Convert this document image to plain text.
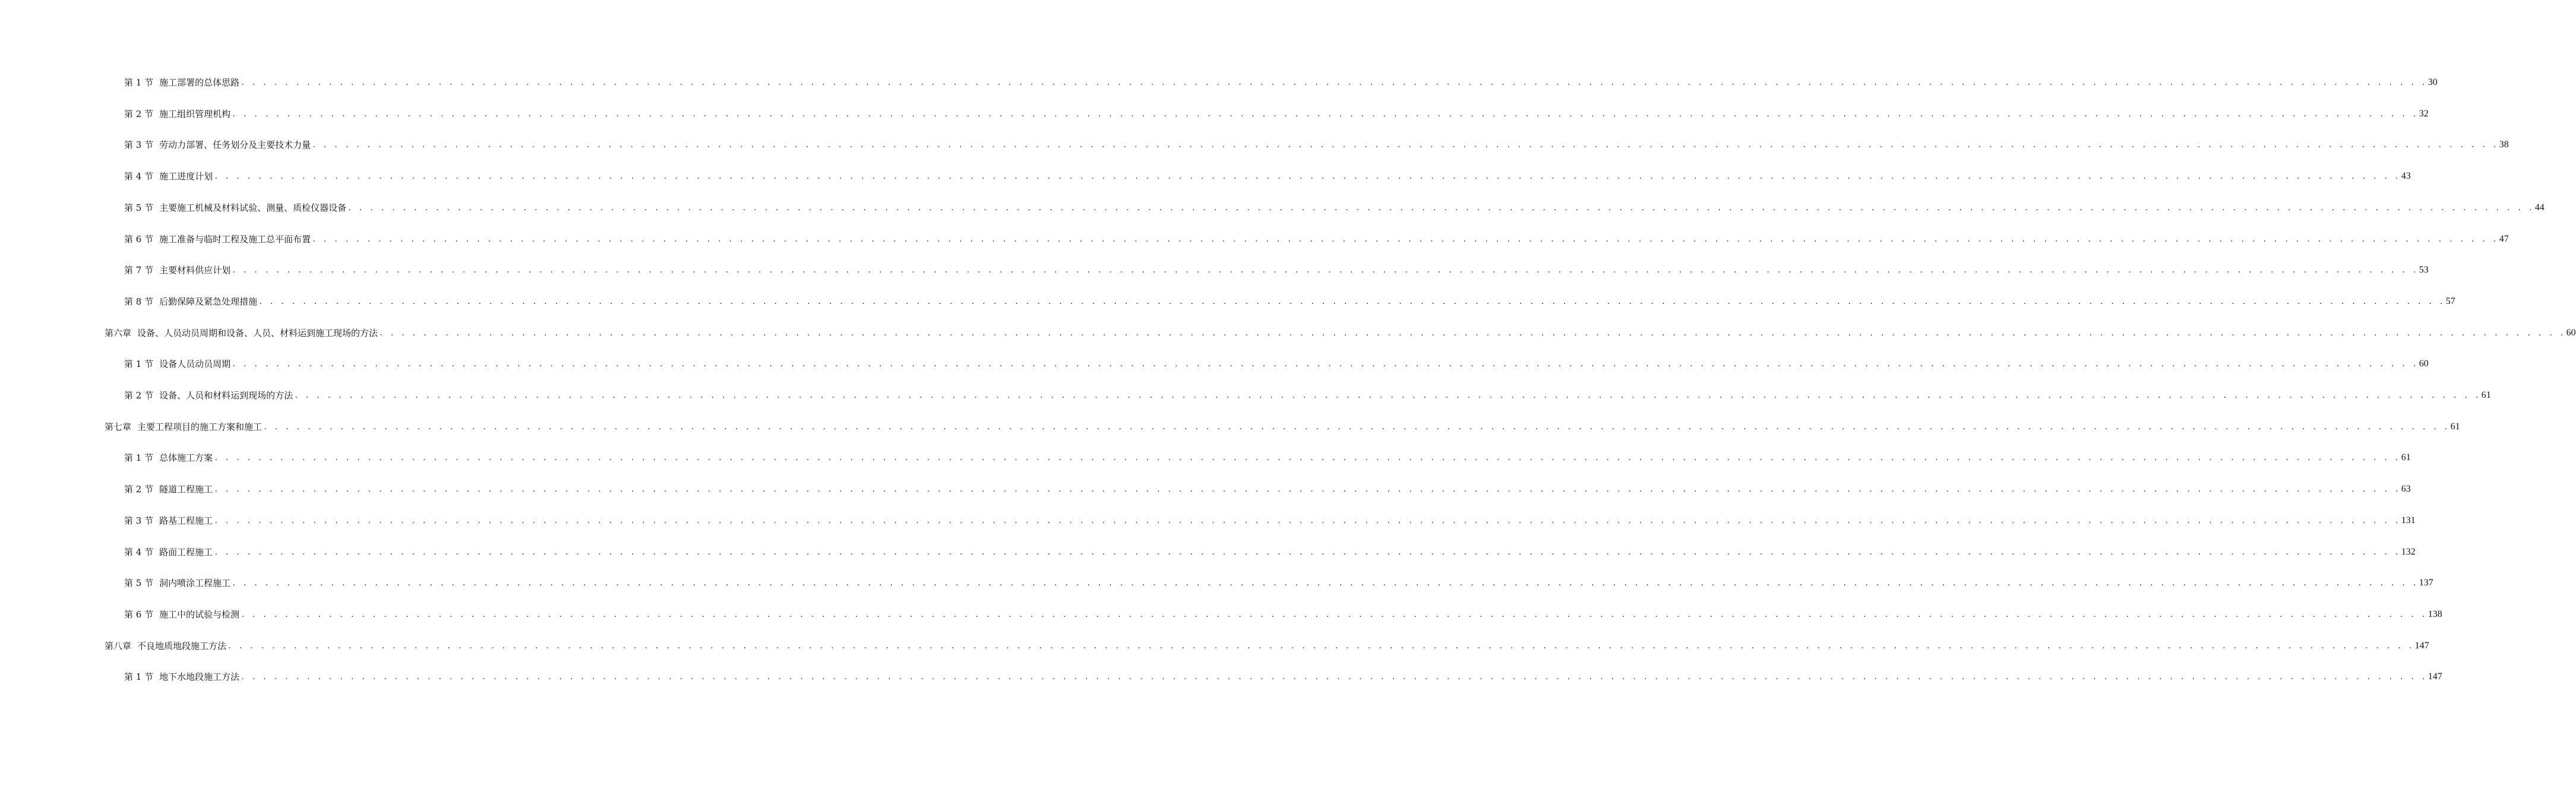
第 1 节 施工部署的总体思路 . . . . . . . . . . . . . . . . . . . . . . . . . . . . . . . . . . . . . . . . . . . . . . . . . . . . . . . . . . . . . . . . . . . . . . . . . . . . . . . . . . . . . . . . . . . . . . . . . . . . . . . . . . . . . . . . . . . . . . . . . . . . . . . . . . . . . . . . . . . . . . . . . . . . . . . . . . . . . . . . . . . . . . . . . . . . . . . . . . . . . . . . . . . . . . . . . . . . . . . . 30
第 2 节 施工组织管理机构 . . . . . . . . . . . . . . . . . . . . . . . . . . . . . . . . . . . . . . . . . . . . . . . . . . . . . . . . . . . . . . . . . . . . . . . . . . . . . . . . . . . . . . . . . . . . . . . . . . . . . . . . . . . . . . . . . . . . . . . . . . . . . . . . . . . . . . . . . . . . . . . . . . . . . . . . . . . . . . . . . . . . . . . . . . . . . . . . . . . . . . . . . . . . . . . . . . . . . . . . 32
第 3 节 劳动力部署、任务划分及主要技术力量 . . . . . . . . . . . . . . . . . . . . . . . . . . . . . . . . . . . . . . . . . . . . . . . . . . . . . . . . . . . . . . . . . . . . . . . . . . . . . . . . . . . . . . . . . . . . . . . . . . . . . . . . . . . . . . . . . . . . . . . . . . . . . . . . . . . . . . . . . . . . . . . . . . . . . . . . . . . . . . . . . . . . . . . . . . . . . . . . . . . . . . . . . . . . . . . . . . . . . . . . 38
第 4 节 施工进度计划 . . . . . . . . . . . . . . . . . . . . . . . . . . . . . . . . . . . . . . . . . . . . . . . . . . . . . . . . . . . . . . . . . . . . . . . . . . . . . . . . . . . . . . . . . . . . . . . . . . . . . . . . . . . . . . . . . . . . . . . . . . . . . . . . . . . . . . . . . . . . . . . . . . . . . . . . . . . . . . . . . . . . . . . . . . . . . . . . . . . . . . . . . . . . . . . . . . . . . . . . 43
第 5 节 主要施工机械及材料试验、测量、质检仪器设备 . . . . . . . . . . . . . . . . . . . . . . . . . . . . . . . . . . . . . . . . . . . . . . . . . . . . . . . . . . . . . . . . . . . . . . . . . . . . . . . . . . . . . . . . . . . . . . . . . . . . . . . . . . . . . . . . . . . . . . . . . . . . . . . . . . . . . . . . . . . . . . . . . . . . . . . . . . . . . . . . . . . . . . . . . . . . . . . . . . . . . . . . . . . . . . . . . . . . . . . . 44
第 6 节 施工准备与临时工程及施工总平面布置 . . . . . . . . . . . . . . . . . . . . . . . . . . . . . . . . . . . . . . . . . . . . . . . . . . . . . . . . . . . . . . . . . . . . . . . . . . . . . . . . . . . . . . . . . . . . . . . . . . . . . . . . . . . . . . . . . . . . . . . . . . . . . . . . . . . . . . . . . . . . . . . . . . . . . . . . . . . . . . . . . . . . . . . . . . . . . . . . . . . . . . . . . . . . . . . . . . . . . . . . 47
第 7 节 主要材料供应计划 . . . . . . . . . . . . . . . . . . . . . . . . . . . . . . . . . . . . . . . . . . . . . . . . . . . . . . . . . . . . . . . . . . . . . . . . . . . . . . . . . . . . . . . . . . . . . . . . . . . . . . . . . . . . . . . . . . . . . . . . . . . . . . . . . . . . . . . . . . . . . . . . . . . . . . . . . . . . . . . . . . . . . . . . . . . . . . . . . . . . . . . . . . . . . . . . . . . . . . . . 53
第 8 节 后勤保障及紧急处理措施 . . . . . . . . . . . . . . . . . . . . . . . . . . . . . . . . . . . . . . . . . . . . . . . . . . . . . . . . . . . . . . . . . . . . . . . . . . . . . . . . . . . . . . . . . . . . . . . . . . . . . . . . . . . . . . . . . . . . . . . . . . . . . . . . . . . . . . . . . . . . . . . . . . . . . . . . . . . . . . . . . . . . . . . . . . . . . . . . . . . . . . . . . . . . . . . . . . . . . . . . 57
第六章 设备、人员动员周期和设备、人员、材料运到施工现场的方法 . . . . . . . . . . . . . . . . . . . . . . . . . . . . . . . . . . . . . . . . . . . . . . . . . . . . . . . . . . . . . . . . . . . . . . . . . . . . . . . . . . . . . . . . . . . . . . . . . . . . . . . . . . . . . . . . . . . . . . . . . . . . . . . . . . . . . . . . . . . . . . . . . . . . . . . . . . . . . . . . . . . . . . . . . . . . . . . . . . . . . . . . . . . . . . . . . . . . . . . . 60
第 1 节 设备人员动员周期 . . . . . . . . . . . . . . . . . . . . . . . . . . . . . . . . . . . . . . . . . . . . . . . . . . . . . . . . . . . . . . . . . . . . . . . . . . . . . . . . . . . . . . . . . . . . . . . . . . . . . . . . . . . . . . . . . . . . . . . . . . . . . . . . . . . . . . . . . . . . . . . . . . . . . . . . . . . . . . . . . . . . . . . . . . . . . . . . . . . . . . . . . . . . . . . . . . . . . . . . 60
第 2 节 设备、人员和材料运到现场的方法 . . . . . . . . . . . . . . . . . . . . . . . . . . . . . . . . . . . . . . . . . . . . . . . . . . . . . . . . . . . . . . . . . . . . . . . . . . . . . . . . . . . . . . . . . . . . . . . . . . . . . . . . . . . . . . . . . . . . . . . . . . . . . . . . . . . . . . . . . . . . . . . . . . . . . . . . . . . . . . . . . . . . . . . . . . . . . . . . . . . . . . . . . . . . . . . . . . . . . . . . 61
第七章 主要工程项目的施工方案和施工 . . . . . . . . . . . . . . . . . . . . . . . . . . . . . . . . . . . . . . . . . . . . . . . . . . . . . . . . . . . . . . . . . . . . . . . . . . . . . . . . . . . . . . . . . . . . . . . . . . . . . . . . . . . . . . . . . . . . . . . . . . . . . . . . . . . . . . . . . . . . . . . . . . . . . . . . . . . . . . . . . . . . . . . . . . . . . . . . . . . . . . . . . . . . . . . . . . . . . . . . 61
第 1 节 总体施工方案 . . . . . . . . . . . . . . . . . . . . . . . . . . . . . . . . . . . . . . . . . . . . . . . . . . . . . . . . . . . . . . . . . . . . . . . . . . . . . . . . . . . . . . . . . . . . . . . . . . . . . . . . . . . . . . . . . . . . . . . . . . . . . . . . . . . . . . . . . . . . . . . . . . . . . . . . . . . . . . . . . . . . . . . . . . . . . . . . . . . . . . . . . . . . . . . . . . . . . . . . 61
第 2 节 隧道工程施工 . . . . . . . . . . . . . . . . . . . . . . . . . . . . . . . . . . . . . . . . . . . . . . . . . . . . . . . . . . . . . . . . . . . . . . . . . . . . . . . . . . . . . . . . . . . . . . . . . . . . . . . . . . . . . . . . . . . . . . . . . . . . . . . . . . . . . . . . . . . . . . . . . . . . . . . . . . . . . . . . . . . . . . . . . . . . . . . . . . . . . . . . . . . . . . . . . . . . . . . . 63
第 3 节 路基工程施工 . . . . . . . . . . . . . . . . . . . . . . . . . . . . . . . . . . . . . . . . . . . . . . . . . . . . . . . . . . . . . . . . . . . . . . . . . . . . . . . . . . . . . . . . . . . . . . . . . . . . . . . . . . . . . . . . . . . . . . . . . . . . . . . . . . . . . . . . . . . . . . . . . . . . . . . . . . . . . . . . . . . . . . . . . . . . . . . . . . . . . . . . . . . . . . . . . . . . . . . . 131
第 4 节 路面工程施工 . . . . . . . . . . . . . . . . . . . . . . . . . . . . . . . . . . . . . . . . . . . . . . . . . . . . . . . . . . . . . . . . . . . . . . . . . . . . . . . . . . . . . . . . . . . . . . . . . . . . . . . . . . . . . . . . . . . . . . . . . . . . . . . . . . . . . . . . . . . . . . . . . . . . . . . . . . . . . . . . . . . . . . . . . . . . . . . . . . . . . . . . . . . . . . . . . . . . . . . . 132
第 5 节 洞内喷涂工程施工 . . . . . . . . . . . . . . . . . . . . . . . . . . . . . . . . . . . . . . . . . . . . . . . . . . . . . . . . . . . . . . . . . . . . . . . . . . . . . . . . . . . . . . . . . . . . . . . . . . . . . . . . . . . . . . . . . . . . . . . . . . . . . . . . . . . . . . . . . . . . . . . . . . . . . . . . . . . . . . . . . . . . . . . . . . . . . . . . . . . . . . . . . . . . . . . . . . . . . . . . 137
第 6 节 施工中的试验与检测 . . . . . . . . . . . . . . . . . . . . . . . . . . . . . . . . . . . . . . . . . . . . . . . . . . . . . . . . . . . . . . . . . . . . . . . . . . . . . . . . . . . . . . . . . . . . . . . . . . . . . . . . . . . . . . . . . . . . . . . . . . . . . . . . . . . . . . . . . . . . . . . . . . . . . . . . . . . . . . . . . . . . . . . . . . . . . . . . . . . . . . . . . . . . . . . . . . . . . . . . 138
第八章 不良地质地段施工方法 . . . . . . . . . . . . . . . . . . . . . . . . . . . . . . . . . . . . . . . . . . . . . . . . . . . . . . . . . . . . . . . . . . . . . . . . . . . . . . . . . . . . . . . . . . . . . . . . . . . . . . . . . . . . . . . . . . . . . . . . . . . . . . . . . . . . . . . . . . . . . . . . . . . . . . . . . . . . . . . . . . . . . . . . . . . . . . . . . . . . . . . . . . . . . . . . . . . . . . . . 147
第 1 节 地下水地段施工方法 . . . . . . . . . . . . . . . . . . . . . . . . . . . . . . . . . . . . . . . . . . . . . . . . . . . . . . . . . . . . . . . . . . . . . . . . . . . . . . . . . . . . . . . . . . . . . . . . . . . . . . . . . . . . . . . . . . . . . . . . . . . . . . . . . . . . . . . . . . . . . . . . . . . . . . . . . . . . . . . . . . . . . . . . . . . . . . . . . . . . . . . . . . . . . . . . . . . . . . . . 147
